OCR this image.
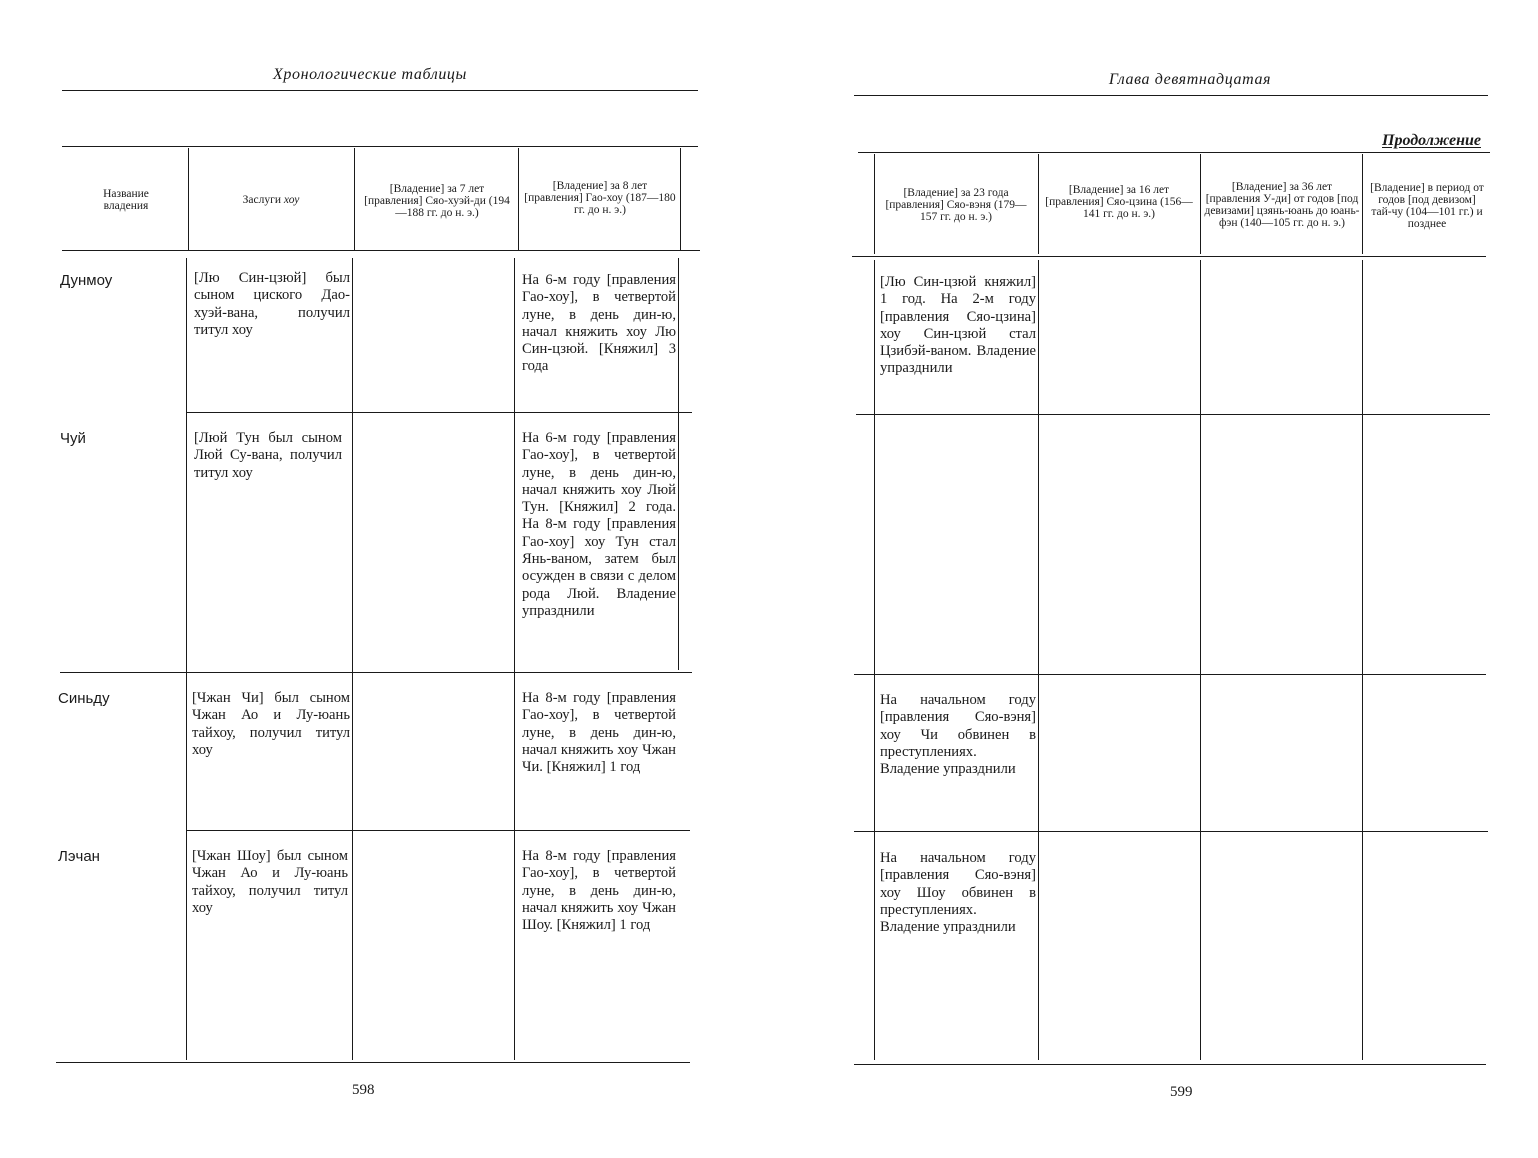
Хронологические таблицы
Название владения	Заслуги хоу
[Владение] за 7 лет [правления] Сяо-хуэй-ди (194—188 гг. до н. э.)
[Владение] за 8 лет [правления] Гао-хоу (187—180 гг. до н. э.)
Дунмоу
Чуй
Синьду
Лэчан
[Лю Син-цзюй] был сыном циского Дао-хуэй-вана, получил титул хоу
[Люй Тун был сыном Люй Су-вана, получил титул хоу
[Чжан Чи] был сыном Чжан Ао и Лу-юань тайхоу, получил титул хоу
[Чжан Шоу] был сыном Чжан Ао и Лу-юань тайхоу, получил титул хоу
На 6-м году [правления Гао-хоу], в четвертой луне, в день дин-ю, начал княжить хоу Лю Син-цзюй. [Княжил] 3 года
На 6-м году [правления Гао-хоу], в четвертой луне, в день дин-ю, начал княжить хоу Люй Тун. [Княжил] 2 года. На 8-м году [правления Гао-хоу] хоу Тун стал Янь-ваном, затем был осужден в связи с делом рода Люй. Владение упразднили
На 8-м году [правления Гао-хоу], в четвертой луне, в день дин-ю, начал княжить хоу Чжан Чи. [Княжил] 1 год
На 8-м году [правления Гао-хоу], в четвертой луне, в день дин-ю, начал княжить хоу Чжан Шоу. [Княжил] 1 год
598
Глава девятнадцатая
Продолжение
[Владение] за 23 года [правления] Сяо-вэня (179—157 гг. до н. э.)
[Владение] за 16 лет [правления] Сяо-цзина (156—141 гг. до н. э.)
[Владение] за 36 лет [правления У-ди] от годов [под девизами] цзянь-юань до юань-фэн (140—105 гг. до н. э.)
[Владение] в период от годов [под девизом] тай-чу (104—101 гг.) и позднее
[Лю Син-цзюй княжил] 1 год. На 2-м году [правления Сяо-цзина] хоу Син-цзюй стал Цзибэй-ваном. Владение упразднили
На начальном году [правления Сяо-вэня] хоу Чи обвинен в преступлениях. Владение упразднили
На начальном году [правления Сяо-вэня] хоу Шоу обвинен в преступлениях. Владение упразднили
599
